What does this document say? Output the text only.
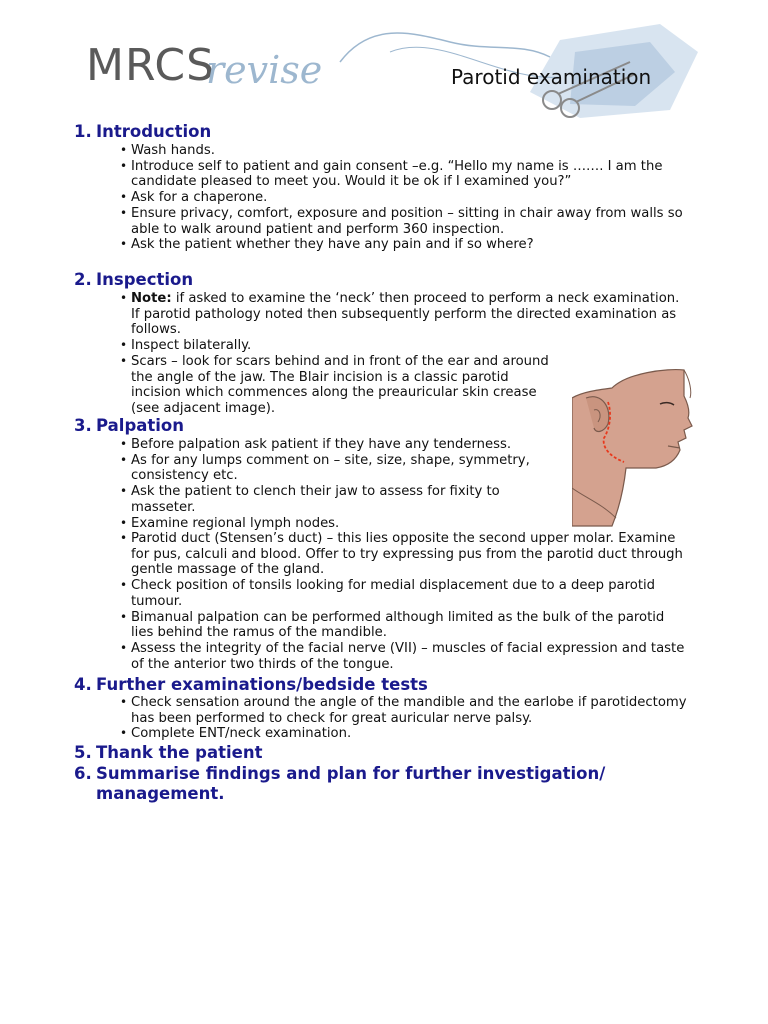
MRCS
revise	Parotid examination
1. Introduction
• Wash hands.
• Introduce self to patient and gain consent –e.g. “Hello my name is ……. I am the candidate pleased to meet you. Would it be ok if I examined you?”
• Ask for a chaperone.
• Ensure privacy, comfort, exposure and position – sitting in chair away from walls so able to walk around patient and perform 360 inspection.
• Ask the patient whether they have any pain and if so where?
2. Inspection
• Note: if asked to examine the ‘neck’ then proceed to perform a neck examination. If parotid pathology noted then subsequently perform the directed examination as follows.
• Inspect bilaterally.
• Scars – look for scars behind and in front of the ear and around the angle of the jaw. The Blair incision is a classic parotid incision which commences along the preauricular skin crease (see adjacent image).
3. Palpation
• Before palpation ask patient if they have any tenderness.
• As for any lumps comment on – site, size, shape, symmetry, consistency etc.
• Ask the patient to clench their jaw to assess for fixity to masseter.
• Examine regional lymph nodes.
• Parotid duct (Stensen’s duct) – this lies opposite the second upper molar. Examine for pus, calculi and blood. Offer to try expressing pus from the parotid duct through gentle massage of the gland.
• Check position of tonsils looking for medial displacement due to a deep parotid tumour.
• Bimanual palpation can be performed although limited as the bulk of the parotid lies behind the ramus of the mandible.
• Assess the integrity of the facial nerve (VII) – muscles of facial expression and taste of the anterior two thirds of the tongue.
4. Further examinations/bedside tests
• Check sensation around the angle of the mandible and the earlobe if parotidectomy has been performed to check for great auricular nerve palsy.
• Complete ENT/neck examination.
5. Thank the patient
6. Summarise findings and plan for further investigation/ management.
